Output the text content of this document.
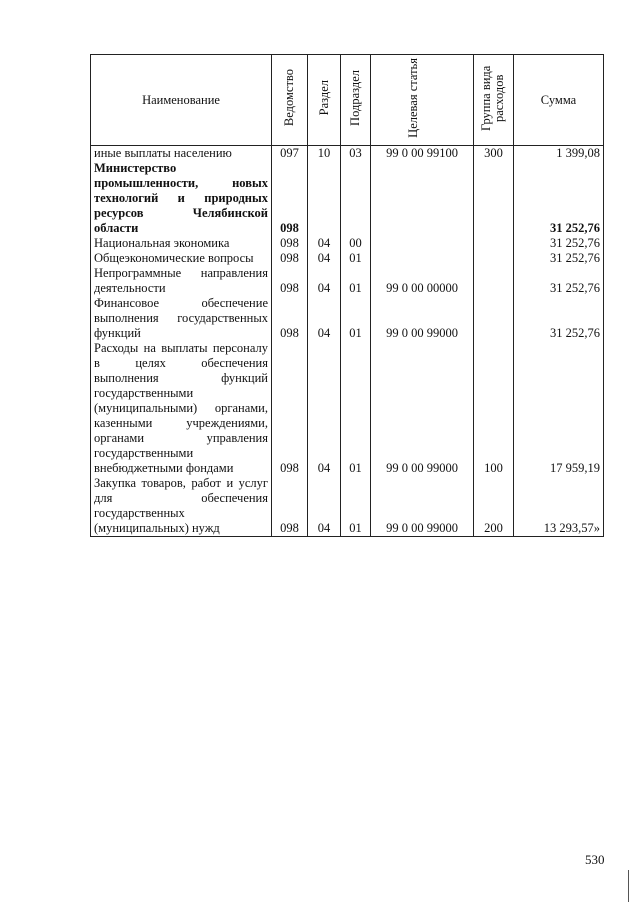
Наименование	Ведомство	Раздел	Подраздел	Целевая статья	Группа вида расходов	Сумма
иные выплаты населению	097	10	03	99 0 00 99100	300	1 399,08
Министерство промышленности, новых технологий и природных ресурсов Челябинской области	098					31 252,76
Национальная экономика	098	04	00			31 252,76
Общеэкономические вопросы	098	04	01			31 252,76
Непрограммные направления деятельности	098	04	01	99 0 00 00000		31 252,76
Финансовое обеспечение выполнения государственных функций	098	04	01	99 0 00 99000		31 252,76
Расходы на выплаты персоналу в целях обеспечения выполнения функций государственными (муниципальными) органами, казенными учреждениями, органами управления государственными внебюджетными фондами	098	04	01	99 0 00 99000	100	17 959,19
Закупка товаров, работ и услуг для обеспечения государственных (муниципальных) нужд	098	04	01	99 0 00 99000	200	13 293,57»
530
